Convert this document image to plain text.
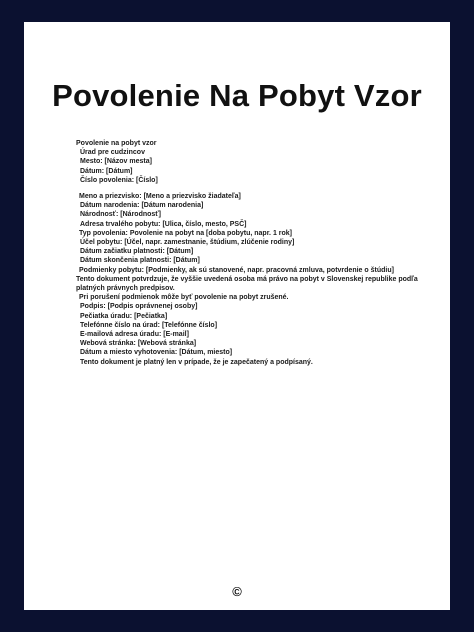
Povolenie Na Pobyt Vzor
Povolenie na pobyt vzor
Úrad pre cudzincov
Mesto: [Názov mesta]
Dátum: [Dátum]
Číslo povolenia: [Číslo]
Meno a priezvisko: [Meno a priezvisko žiadateľa]
Dátum narodenia: [Dátum narodenia]
Národnosť: [Národnosť]
Adresa trvalého pobytu: [Ulica, číslo, mesto, PSČ]
Typ povolenia: Povolenie na pobyt na [doba pobytu, napr. 1 rok]
Účel pobytu: [Účel, napr. zamestnanie, štúdium, zlúčenie rodiny]
Dátum začiatku platnosti: [Dátum]
Dátum skončenia platnosti: [Dátum]
Podmienky pobytu: [Podmienky, ak sú stanovené, napr. pracovná zmluva, potvrdenie o štúdiu]
Tento dokument potvrdzuje, že vyššie uvedená osoba má právo na pobyt v Slovenskej republike podľa
platných právnych predpisov.
Pri porušení podmienok môže byť povolenie na pobyt zrušené.
Podpis: [Podpis oprávnenej osoby]
Pečiatka úradu: [Pečiatka]
Telefónne číslo na úrad: [Telefónne číslo]
E-mailová adresa úradu: [E-mail]
Webová stránka: [Webová stránka]
Dátum a miesto vyhotovenia: [Dátum, miesto]
Tento dokument je platný len v prípade, že je zapečatený a podpísaný.
©
